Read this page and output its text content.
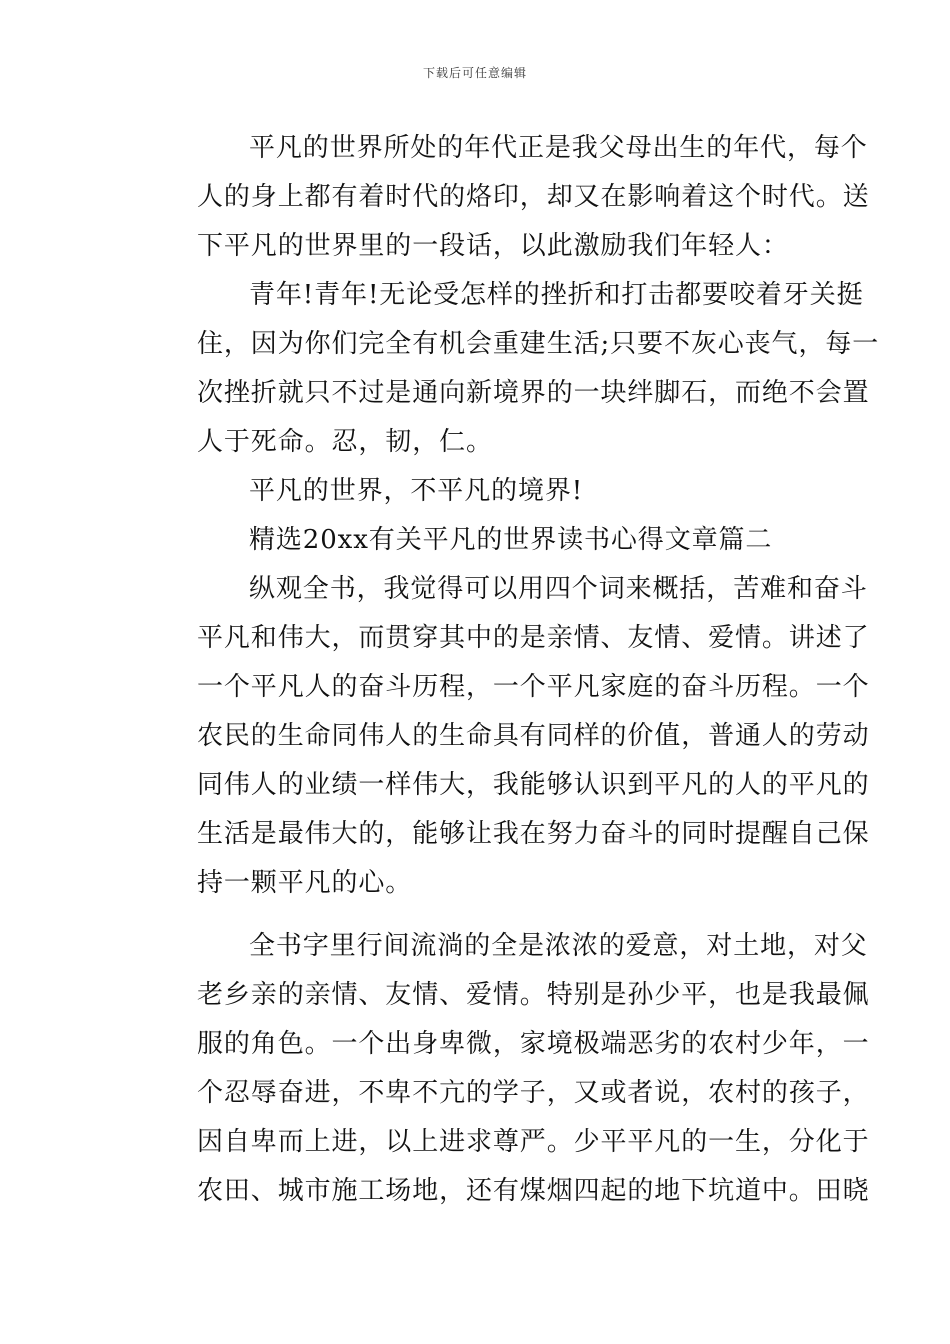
下载后可任意编辑
平凡的世界所处的年代正是我父母出生的年代，每个
人的身上都有着时代的烙印，却又在影响着这个时代。送
下平凡的世界里的一段话，以此激励我们年轻人：
青年!青年!无论受怎样的挫折和打击都要咬着牙关挺
住，因为你们完全有机会重建生活;只要不灰心丧气，每一
次挫折就只不过是通向新境界的一块绊脚石，而绝不会置
人于死命。忍，韧，仁。
平凡的世界，不平凡的境界!
精选20xx有关平凡的世界读书心得文章篇二
纵观全书，我觉得可以用四个词来概括，苦难和奋斗
平凡和伟大，而贯穿其中的是亲情、友情、爱情。讲述了
一个平凡人的奋斗历程，一个平凡家庭的奋斗历程。一个
农民的生命同伟人的生命具有同样的价值，普通人的劳动
同伟人的业绩一样伟大，我能够认识到平凡的人的平凡的
生活是最伟大的，能够让我在努力奋斗的同时提醒自己保
持一颗平凡的心。
全书字里行间流淌的全是浓浓的爱意，对土地，对父
老乡亲的亲情、友情、爱情。特别是孙少平，也是我最佩
服的角色。一个出身卑微，家境极端恶劣的农村少年，一
个忍辱奋进，不卑不亢的学子，又或者说，农村的孩子，
因自卑而上进，以上进求尊严。少平平凡的一生，分化于
农田、城市施工场地，还有煤烟四起的地下坑道中。田晓
